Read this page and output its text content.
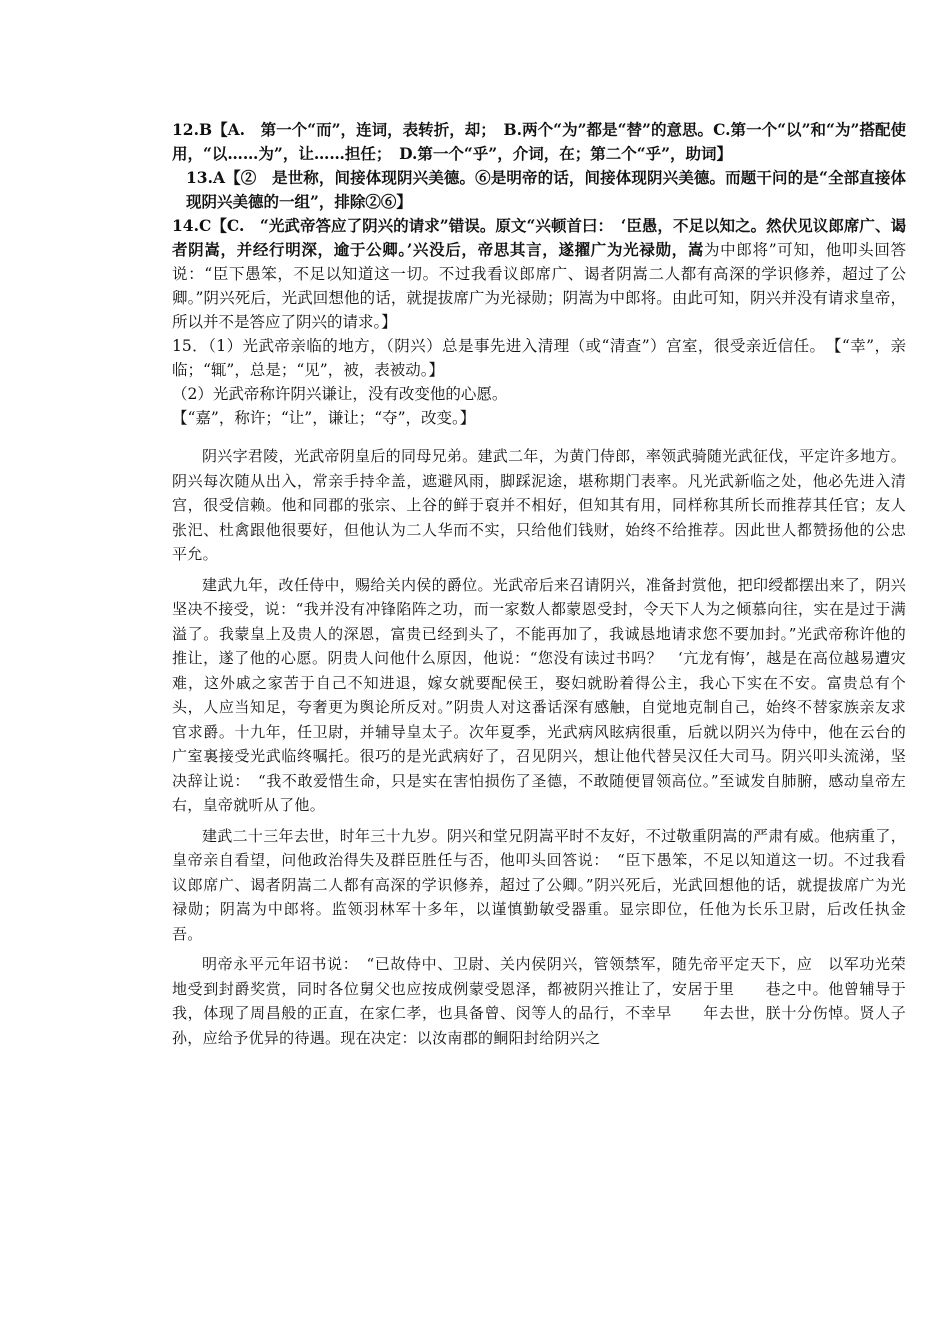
12.B【A.　第一个“而”，连词，表转折，却；　B.两个“为”都是“替”的意思。C.第一个“以”和“为”搭配使用，“以……为”，让……担任；　D.第一个“乎”，介词，在；第二个“乎”，助词】

13.A【②　是世称，间接体现阴兴美德。⑥是明帝的话，间接体现阴兴美德。而题干问的是“全部直接体现阴兴美德的一组”，排除②⑥】

14.C【C.　“光武帝答应了阴兴的请求”错误。原文“兴顿首曰：　‘臣愚，不足以知之。然伏见议郎席广、谒者阴嵩，并经行明深，逾于公卿。’兴没后，帝思其言，遂擢广为光禄勋，嵩为中郎将”可知，他叩头回答说：“臣下愚笨，不足以知道这一切。不过我看议郎席广、谒者阴嵩二人都有高深的学识修养，超过了公卿。”阴兴死后，光武回想他的话，就提拔席广为光禄勋；阴嵩为中郎将。由此可知，阴兴并没有请求皇帝，所以并不是答应了阴兴的请求。】

15．（1）光武帝亲临的地方，（阴兴）总是事先进入清理（或“清查”）宫室，很受亲近信任。　【“幸”，亲临；“辄”，总是；“见”，被，表被动。】

（2）光武帝称许阴兴谦让，没有改变他的心愿。

【“嘉”，称许；“让”，谦让；“夺”，改变。】

阴兴字君陵，光武帝阴皇后的同母兄弟。建武二年，为黄门侍郎，率领武骑随光武征伐，平定许多地方。阴兴每次随从出入，常亲手持伞盖，遮避风雨，脚踩泥途，堪称期门表率。凡光武新临之处，他必先进入清宫，很受信赖。他和同郡的张宗、上谷的鲜于裒并不相好，但知其有用，同样称其所长而推荐其任官；友人张汜、杜禽跟他很要好，但他认为二人华而不实，只给他们钱财，始终不给推荐。因此世人都赞扬他的公忠平允。

建武九年，改任侍中，赐给关内侯的爵位。光武帝后来召请阴兴，准备封赏他，把印绶都摆出来了，阴兴坚决不接受，说：“我并没有冲锋陷阵之功，而一家数人都蒙恩受封，令天下人为之倾慕向往，实在是过于满溢了。我蒙皇上及贵人的深恩，富贵已经到头了，不能再加了，我诚恳地请求您不要加封。”光武帝称许他的推让，遂了他的心愿。阴贵人问他什么原因，他说：“您没有读过书吗？　‘亢龙有悔’，越是在高位越易遭灾难，这外戚之家苦于自己不知进退，嫁女就要配侯王，娶妇就盼着得公主，我心下实在不安。富贵总有个头，人应当知足，夸奢更为舆论所反对。”阴贵人对这番话深有感触，自觉地克制自己，始终不替家族亲友求官求爵。十九年，任卫尉，并辅导皇太子。次年夏季，光武病风眩病很重，后就以阴兴为侍中，他在云台的广室裏接受光武临终嘱托。很巧的是光武病好了，召见阴兴，想让他代替吴汉任大司马。阴兴叩头流涕，坚决辞让说：　“我不敢爱惜生命，只是实在害怕损伤了圣德，不敢随便冒领高位。”至诚发自肺腑，感动皇帝左右，皇帝就听从了他。

建武二十三年去世，时年三十九岁。阴兴和堂兄阴嵩平时不友好，不过敬重阴嵩的严肃有威。他病重了，皇帝亲自看望，问他政治得失及群臣胜任与否，他叩头回答说：　“臣下愚笨，不足以知道这一切。不过我看议郎席广、谒者阴嵩二人都有高深的学识修养，超过了公卿。”阴兴死后，光武回想他的话，就提拔席广为光禄勋；阴嵩为中郎将。监领羽林军十多年，以谨慎勤敏受器重。显宗即位，任他为长乐卫尉，后改任执金吾。

明帝永平元年诏书说：　“已故侍中、卫尉、关内侯阴兴，管领禁军，随先帝平定天下，应　以军功光荣地受到封爵奖赏，同时各位舅父也应按成例蒙受恩泽，都被阴兴推让了，安居于里　　巷之中。他曾辅导于我，体现了周昌般的正直，在家仁孝，也具备曾、闵等人的品行，不幸早　　年去世，朕十分伤悼。贤人子孙，应给予优异的待遇。现在决定：以汝南郡的鲖阳封给阴兴之
